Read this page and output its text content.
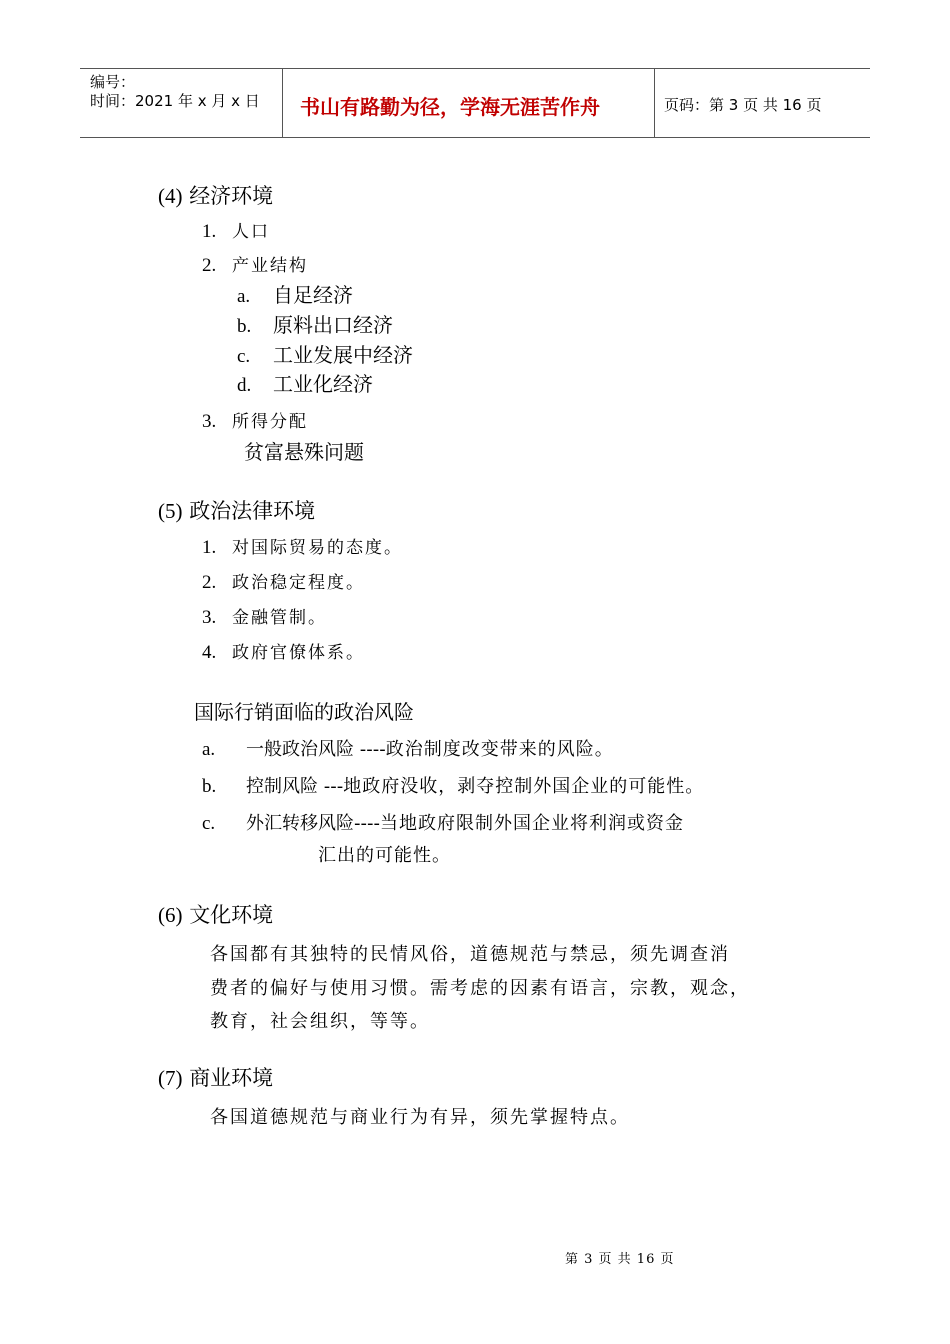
编号：
时间：2021 年 x 月 x 日 书山有路勤为径，学海无涯苦作舟	页码：第 3 页 共 16 页
(4) 经济环境
1. 人口
2. 产业结构
a. 自足经济
b. 原料出口经济
c. 工业发展中经济
d. 工业化经济
3. 所得分配
贫富悬殊问题
(5) 政治法律环境
1. 对国际贸易的态度。
2. 政治稳定程度。
3. 金融管制。
4. 政府官僚体系。
国际行销面临的政治风险
a. 一般政治风险 ----政治制度改变带来的风险。
b. 控制风险 ---地政府没收，剥夺控制外国企业的可能性。
c. 外汇转移风险----当地政府限制外国企业将利润或资金
汇出的可能性。
(6) 文化环境
各国都有其独特的民情风俗，道德规范与禁忌，须先调查消
费者的偏好与使用习惯。需考虑的因素有语言，宗教，观念，
教育，社会组织，等等。
(7) 商业环境
各国道德规范与商业行为有异，须先掌握特点。
第 3 页 共 16 页
